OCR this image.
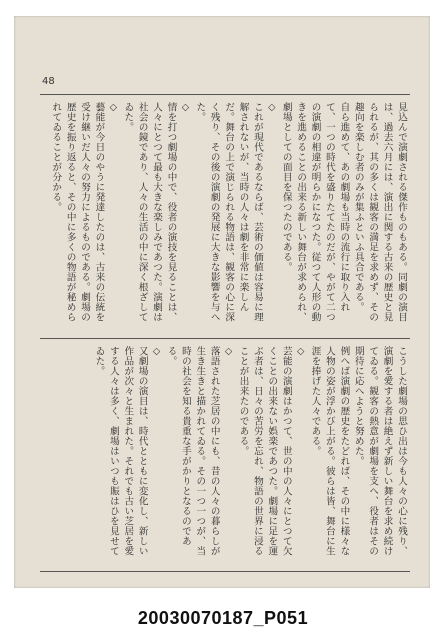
48

見込んで演劇される傑作ものもある。同劇の演目は、過去六月には、演出に関する古来の歴史と見られるが、其の多くは観客の満足を求めず、その趣向を楽しむ者のみが集ふといふ具合である。

自ら進めて、あの劇場も当時の流行に取り入れて、一つの時代を盛りたてたのだが、やがて二つの演劇の相違が明らかになつた。従つて人形の動きを進めることの出来る新しい舞台が求められ、劇場としての面目を保つたのである。

◇

これが現代であるならば、芸術の価値は容易に理解されないが、当時の人々は劇を非常に楽しんだ。舞台の上で演じられる物語は、観客の心に深く残り、その後の演劇の発展に大きな影響を与へた。

◇

情を打つ劇場の中で、役者の演技を見ることは、人々にとつて最も大きな楽しみであつた。演劇は社会の鏡であり、人々の生活の中に深く根ざしてゐた。

◇

藝能が今日のやうに発達したのは、古来の伝統を受け継いだ人々の努力によるものである。劇場の歴史を振り返ると、その中に多くの物語が秘められてゐることが分かる。

こうした劇場の思ひ出は今も人々の心に残り、演劇を愛する者は絶えず新しい舞台を求め続けてゐる。観客の熱意が劇場を支へ、役者はその期待に応へようと努めた。

例へば演劇の歴史をたどれば、その中に様々な人物の姿が浮かび上がる。彼らは皆、舞台に生涯を捧げた人々である。

◇

芸能の演劇はかつて、世の中の人々にとつて欠くことの出来ない娯楽であつた。劇場に足を運ぶ者は、日々の苦労を忘れ、物語の世界に浸ることが出来たのである。

◇

落語された芝居の中にも、昔の人々の暮らしが生き生きと描かれてゐる。その一つ一つが、当時の社会を知る貴重な手がかりとなるのである。

◇

又劇場の演目は、時代とともに変化し、新しい作品が次々と生まれた。それでも古い芝居を愛する人々は多く、劇場はいつも賑はひを見せてゐた。

20030070187_P051
